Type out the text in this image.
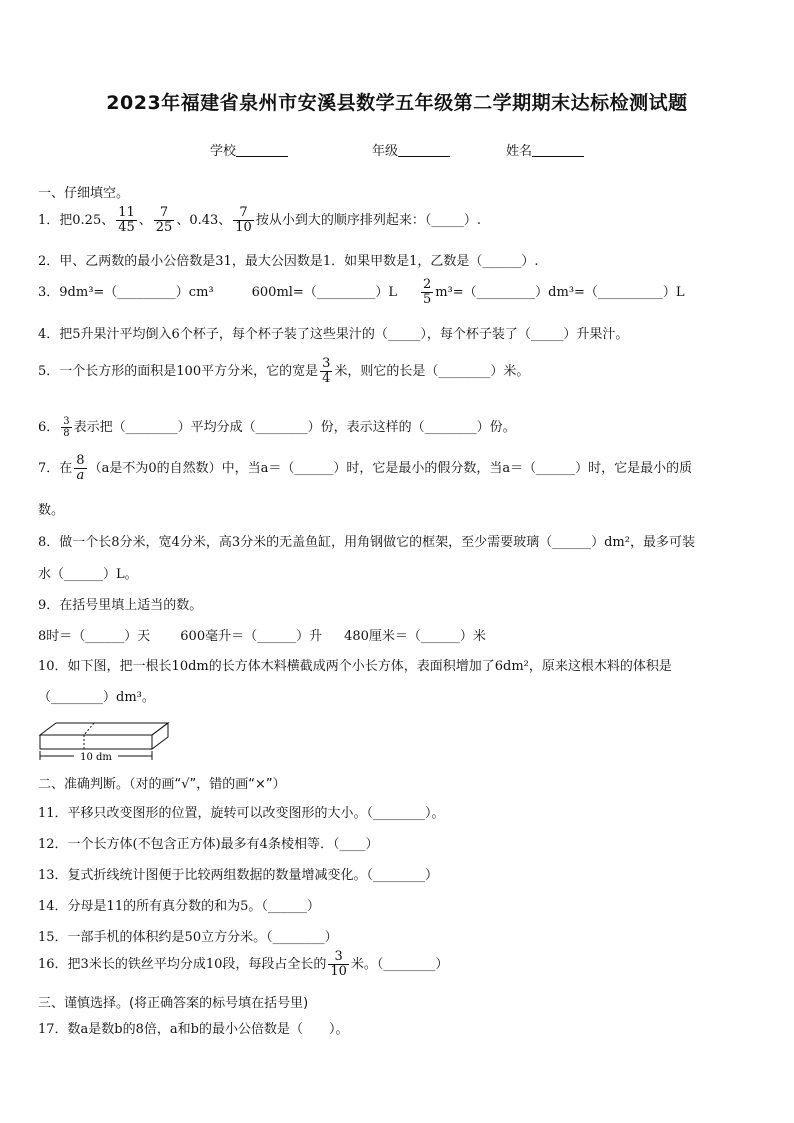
2023年福建省泉州市安溪县数学五年级第二学期期末达标检测试题
学校	年级	姓名
一、仔细填空。
1．把0.25、 $\frac{11}{45}$ 、 $\frac{7}{25}$ 、0.43、 $\frac{7}{10}$ 按从小到大的顺序排列起来：（_____）.
2．甲、乙两数的最小公倍数是31，最大公因数是1．如果甲数是1，乙数是（______）.
3．9dm³=（_________）cm³	600ml=（_________）L $\frac{2}{5}$ m³=（_________）dm³=（__________）L
4．把5升果汁平均倒入6个杯子，每个杯子装了这些果汁的（_____），每个杯子装了（_____）升果汁。
5．一个长方形的面积是100平方分米，它的宽是 $\frac{3}{4}$ 米，则它的长是（________）米。
6． $\frac{3}{8}$ 表示把（________）平均分成（________）份，表示这样的（________）份。
7．在 $\frac{8}{a} (a$是不为0的自然数）中，当a＝（______）时，它是最小的假分数，当a＝（______）时，它是最小的质
数。
8．做一个长8分米，宽4分米，高3分米的无盖鱼缸，用角钢做它的框架，至少需要玻璃（______）dm²，最多可装
水（______）L。
9．在括号里填上适当的数。
8时＝（______）天 600毫升＝（______）升 480厘米＝（______）米
10．如下图，把一根长10dm的长方体木料横截成两个小长方体，表面积增加了6dm²，原来这根木料的体积是
（________）dm³。
10 dm
二、准确判断。（对的画“√”，错的画“×”）
11．平移只改变图形的位置，旋转可以改变图形的大小。（________）。
12．一个长方体(不包含正方体)最多有4条棱相等．（____）
13．复式折线统计图便于比较两组数据的数量增减变化。（________）
14．分母是11的所有真分数的和为5。（______）
15．一部手机的体积约是50立方分米。（________）
16．把3米长的铁丝平均分成10段，每段占全长的 $\frac{3}{10}$ 米。（________）
三、谨慎选择。(将正确答案的标号填在括号里)
17．数a是数b的8倍，a和b的最小公倍数是（　　）。
